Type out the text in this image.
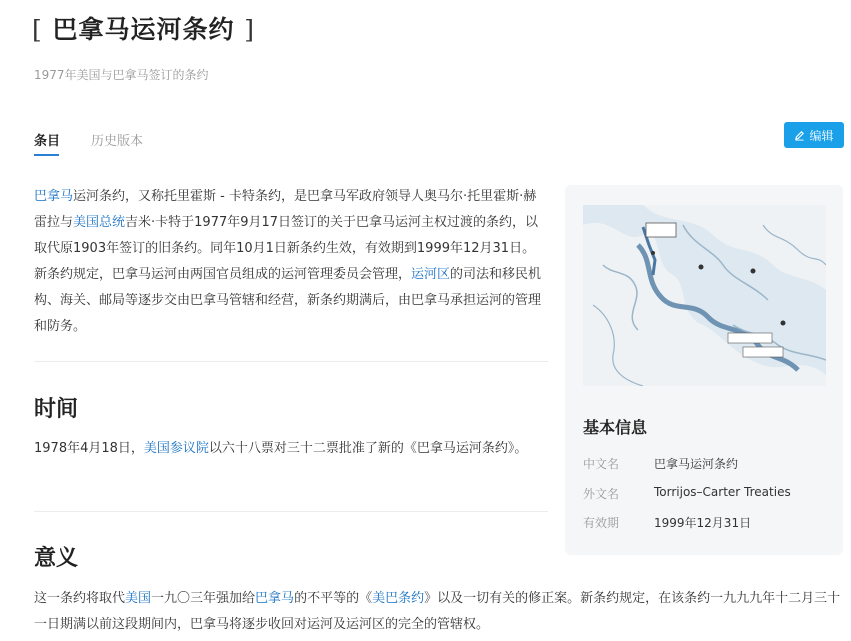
[ 巴拿马运河条约 ]
1977年美国与巴拿马签订的条约
条目 历史版本	编辑
巴拿马运河条约，又称托里霍斯 - 卡特条约，是巴拿马军政府领导人奥马尔·托里霍斯·赫雷拉与美国总统吉米·卡特于1977年9月17日签订的关于巴拿马运河主权过渡的条约，以取代原1903年签订的旧条约。同年10月1日新条约生效，有效期到1999年12月31日。新条约规定，巴拿马运河由两国官员组成的运河管理委员会管理，运河区的司法和移民机构、海关、邮局等逐步交由巴拿马管辖和经营，新条约期满后，由巴拿马承担运河的管理和防务。
时间
1978年4月18日，美国参议院以六十八票对三十二票批准了新的《巴拿马运河条约》。
意义
这一条约将取代美国一九〇三年强加给巴拿马的不平等的《美巴条约》以及一切有关的修正案。新条约规定，在该条约一九九九年十二月三十一日期满以前这段期间内，巴拿马将逐步收回对运河及运河区的完全的管辖权。
基本信息
中文名	巴拿马运河条约
外文名	Torrijos–Carter Treaties
有效期	1999年12月31日
